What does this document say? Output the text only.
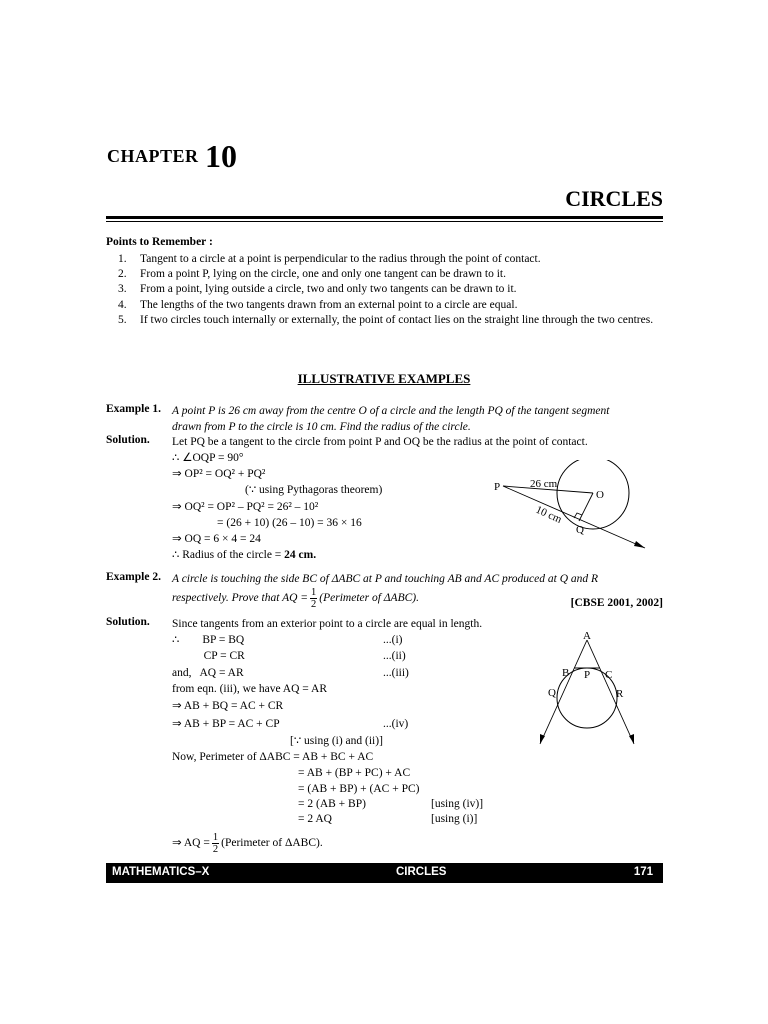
CHAPTER 10
CIRCLES
Points to Remember :
1.	Tangent to a circle at a point is perpendicular to the radius through the point of contact.
2.	From a point P, lying on the circle, one and only one tangent can be drawn to it.
3.	From a point, lying outside a circle, two and only two tangents can be drawn to it.
4.	The lengths of the two tangents drawn from an external point to a circle are equal.
5.	If two circles touch internally or externally, the point of contact lies on the straight line through the two centres.
ILLUSTRATIVE EXAMPLES
Example 1. A point P is 26 cm away from the centre O of a circle and the length PQ of the tangent segment
drawn from P to the circle is 10 cm. Find the radius of the circle.
Solution. Let PQ be a tangent to the circle from point P and OQ be the radius at the point of contact.
∴ ∠OQP = 90°
⇒ OP² = OQ² + PQ²
(∵ using Pythagoras theorem)
⇒ OQ² = OP² – PQ² = 26² – 10²
= (26 + 10) (26 – 10) = 36 × 16
⇒ OQ = 6 × 4 = 24
∴ Radius of the circle = 24 cm.
P
O
Q
26 cm
10 cm
Example 2. A circle is touching the side BC of ΔABC at P and touching AB and AC produced at Q and R
respectively. Prove that AQ = $\frac{1}{2}$ (Perimeter of ΔABC).	[CBSE 2001, 2002]
Solution. Since tangents from an exterior point to a circle are equal in length.
∴        BP = BQ	...(i)
CP = CR	...(ii)
and,   AQ = AR	...(iii)
from eqn. (iii), we have AQ = AR
⇒ AB + BQ = AC + CR
⇒ AB + BP = AC + CP	...(iv)
[∵ using (i) and (ii)]
Now, Perimeter of ΔABC = AB + BC + AC
= AB + (BP + PC) + AC
= (AB + BP) + (AC + PC)
= 2 (AB + BP)	[using (iv)]
= 2 AQ	[using (i)]
⇒ AQ = $\frac{1}{2}$ (Perimeter of ΔABC).
A
B P C
Q	R
MATHEMATICS–X	CIRCLES	171
